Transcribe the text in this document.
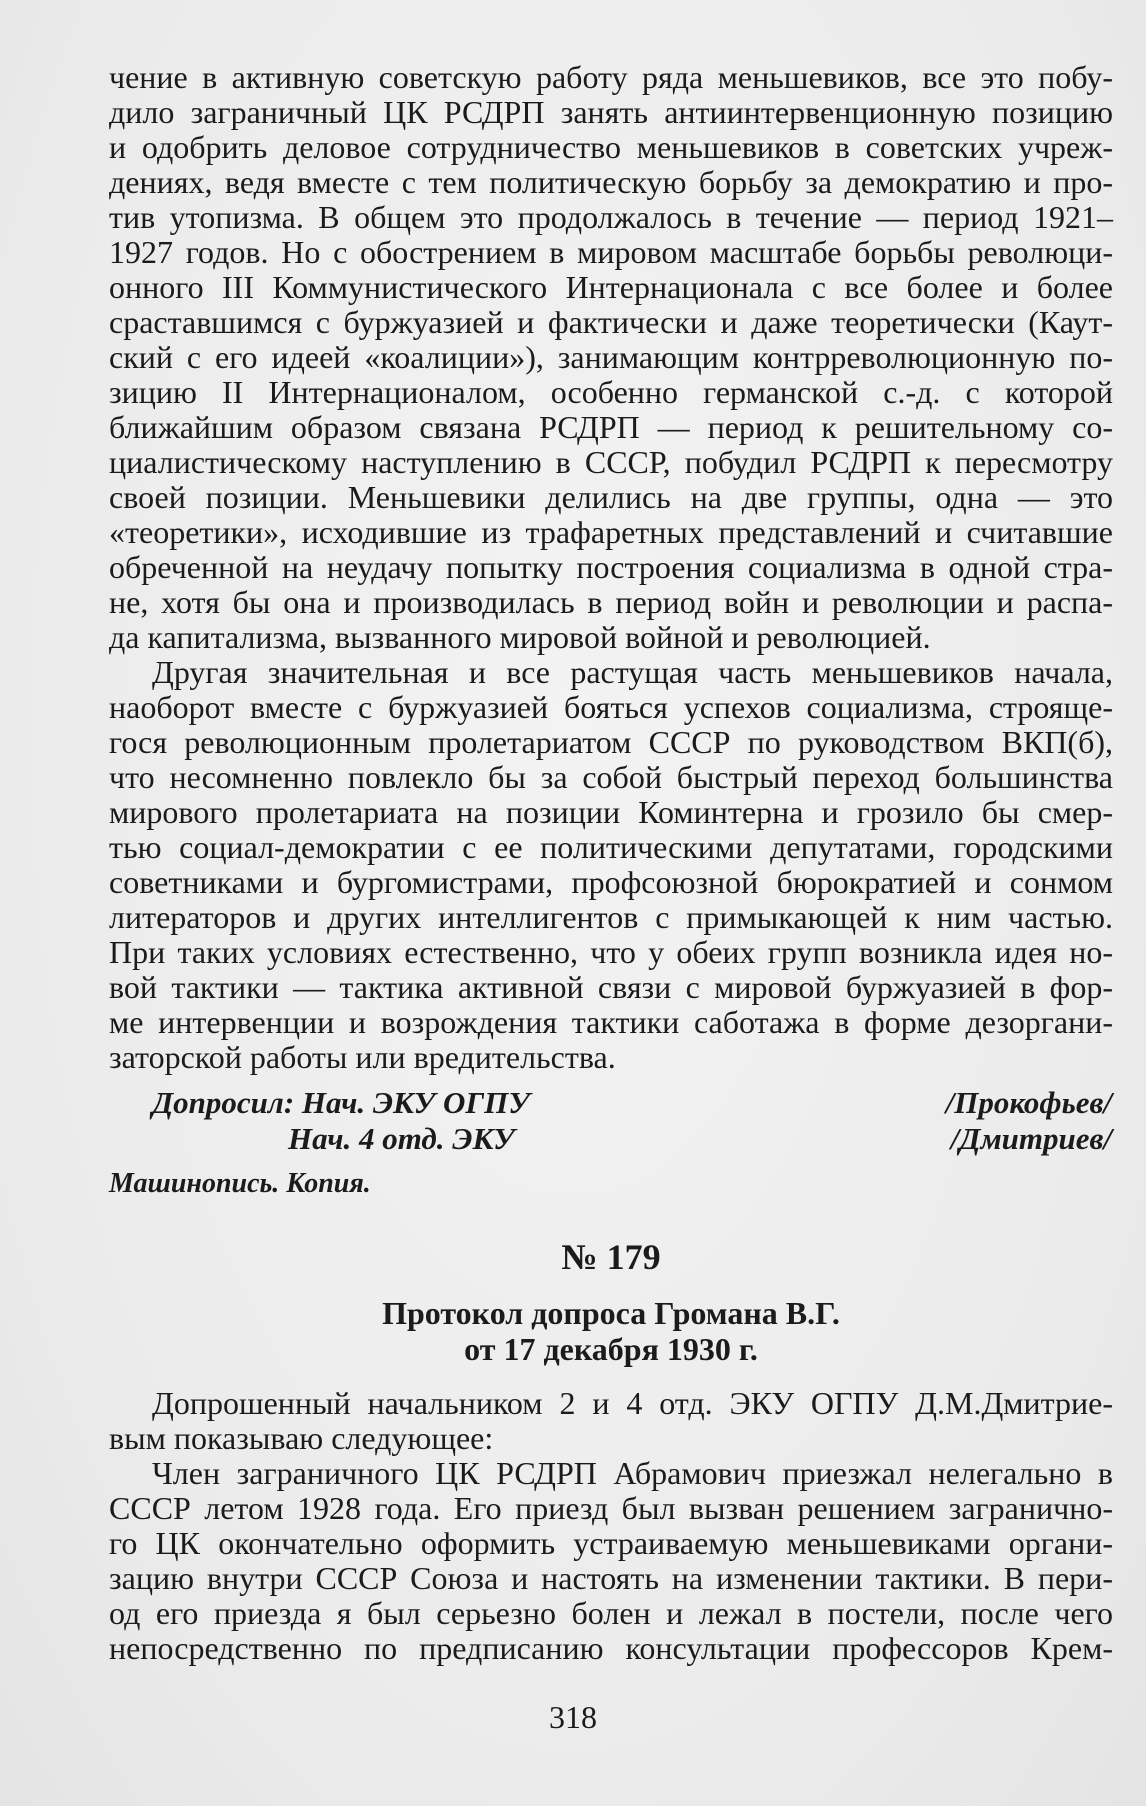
чение в активную советскую работу ряда меньшевиков, все это побу-
дило заграничный ЦК РСДРП занять антиинтервенционную позицию
и одобрить деловое сотрудничество меньшевиков в советских учреж-
дениях, ведя вместе с тем политическую борьбу за демократию и про-
тив утопизма. В общем это продолжалось в течение — период 1921–
1927 годов. Но с обострением в мировом масштабе борьбы революци-
онного III Коммунистического Интернационала с все более и более
сраставшимся с буржуазией и фактически и даже теоретически (Каут-
ский с его идеей «коалиции»), занимающим контрреволюционную по-
зицию II Интернационалом, особенно германской с.-д. с которой
ближайшим образом связана РСДРП — период к решительному со-
циалистическому наступлению в СССР, побудил РСДРП к пересмотру
своей позиции. Меньшевики делились на две группы, одна — это
«теоретики», исходившие из трафаретных представлений и считавшие
обреченной на неудачу попытку построения социализма в одной стра-
не, хотя бы она и производилась в период войн и революции и распа-
да капитализма, вызванного мировой войной и революцией.
Другая значительная и все растущая часть меньшевиков начала,
наоборот вместе с буржуазией бояться успехов социализма, строяще-
гося революционным пролетариатом СССР по руководством ВКП(б),
что несомненно повлекло бы за собой быстрый переход большинства
мирового пролетариата на позиции Коминтерна и грозило бы смер-
тью социал-демократии с ее политическими депутатами, городскими
советниками и бургомистрами, профсоюзной бюрократией и сонмом
литераторов и других интеллигентов с примыкающей к ним частью.
При таких условиях естественно, что у обеих групп возникла идея но-
вой тактики — тактика активной связи с мировой буржуазией в фор-
ме интервенции и возрождения тактики саботажа в форме дезоргани-
заторской работы или вредительства.
Допросил: Нач. ЭКУ ОГПУ	/Прокофьев/
Нач. 4 отд. ЭКУ	/Дмитриев/
Машинопись. Копия.
№ 179
Протокол допроса Громана В.Г.
от 17 декабря 1930 г.
Допрошенный начальником 2 и 4 отд. ЭКУ ОГПУ Д.М.Дмитрие-
вым показываю следующее:
Член заграничного ЦК РСДРП Абрамович приезжал нелегально в
СССР летом 1928 года. Его приезд был вызван решением загранично-
го ЦК окончательно оформить устраиваемую меньшевиками органи-
зацию внутри СССР Союза и настоять на изменении тактики. В пери-
од его приезда я был серьезно болен и лежал в постели, после чего
непосредственно по предписанию консультации профессоров Крем-
318
